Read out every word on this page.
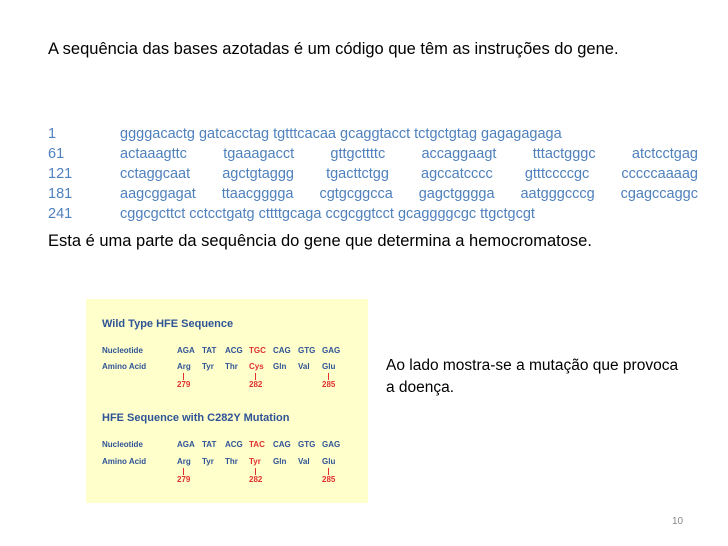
A sequência das bases azotadas é um código que têm as instruções do gene.
1	ggggacactg gatcacctag tgtttcacaa gcaggtacct tctgctgtag gagagagaga
61	actaaagttc	tgaaagacct	gttgcttttc	accaggaagt	tttactgggc	atctcctgag
121	cctaggcaat agctgtaggg tgacttctgg agccatcccc gtttccccgc cccccaaaag
181	aagcggagat ttaacgggga cgtgcggcca gagctgggga aatgggcccg cgagccaggc
241	cggcgcttct cctcctgatg cttttgcaga ccgcggtcct gcaggggcgc ttgctgcgt
Esta é uma parte da sequência do gene que determina a hemocromatose.
Wild Type HFE Sequence
Nucleotide	AGA TAT ACG TGC CAG GTG GAG
Amino Acid	Arg Tyr Thr Cys Gln Val Glu
279	282	285
HFE Sequence with C282Y Mutation
Nucleotide	AGA TAT ACG TAC CAG GTG GAG
Amino Acid	Arg Tyr Thr Tyr Gln Val Glu
279	282	285
Ao lado mostra-se a mutação que provoca a doença.
10
